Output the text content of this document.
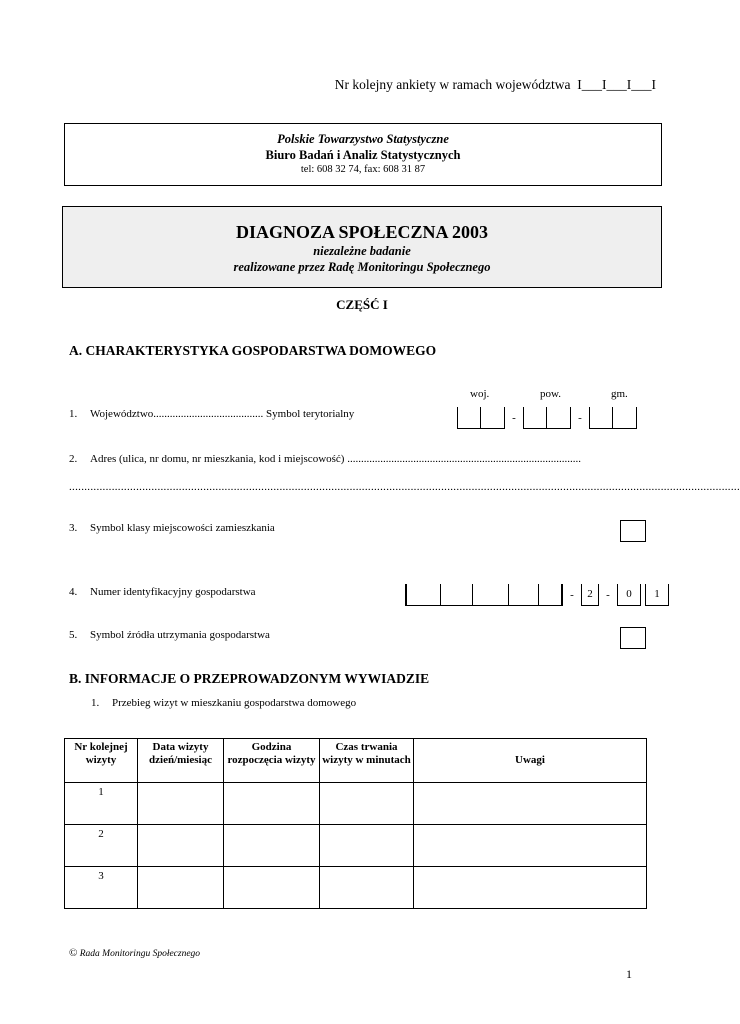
Nr kolejny ankiety w ramach województwa I___I___I___I
Polskie Towarzystwo Statystyczne
Biuro Badań i Analiz Statystycznych
tel: 608 32 74, fax: 608 31 87
DIAGNOZA SPOŁECZNA 2003
niezależne badanie
realizowane przez Radę Monitoringu Społecznego
CZĘŚĆ I
A. CHARAKTERYSTYKA GOSPODARSTWA DOMOWEGO
woj.	pow.	gm.
1. Województwo........................................ Symbol terytorialny	-	-
2. Adres (ulica, nr domu, nr mieszkania, kod i miejscowość) .....................................................................................
............................................................................................................................................................................................................................
3. Symbol klasy miejscowości zamieszkania
4. Numer identyfikacyjny gospodarstwa	-	2	-	0	1
5. Symbol źródła utrzymania gospodarstwa
B. INFORMACJE O PRZEPROWADZONYM WYWIADZIE
1. Przebieg wizyt w mieszkaniu gospodarstwa domowego
Nr kolejnej wizyty	Data wizyty dzień/miesiąc	Godzina rozpoczęcia wizyty	Czas trwania wizyty w minutach	Uwagi
1				
2				
3				
© Rada Monitoringu Społecznego
1
